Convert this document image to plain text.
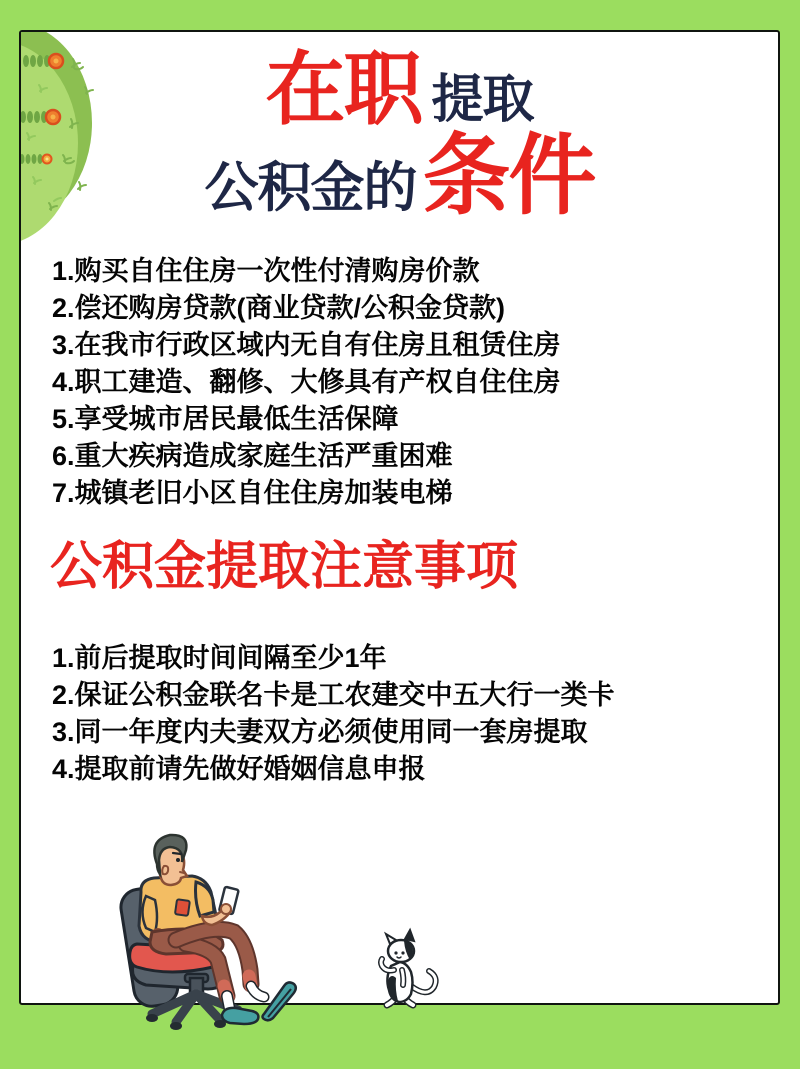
在职 提取
公积金的条件
1.购买自住住房一次性付清购房价款
2.偿还购房贷款(商业贷款/公积金贷款)
3.在我市行政区域内无自有住房且租赁住房
4.职工建造、翻修、大修具有产权自住住房
5.享受城市居民最低生活保障
6.重大疾病造成家庭生活严重困难
7.城镇老旧小区自住住房加装电梯
公积金提取注意事项
1.前后提取时间间隔至少1年
2.保证公积金联名卡是工农建交中五大行一类卡
3.同一年度内夫妻双方必须使用同一套房提取
4.提取前请先做好婚姻信息申报
